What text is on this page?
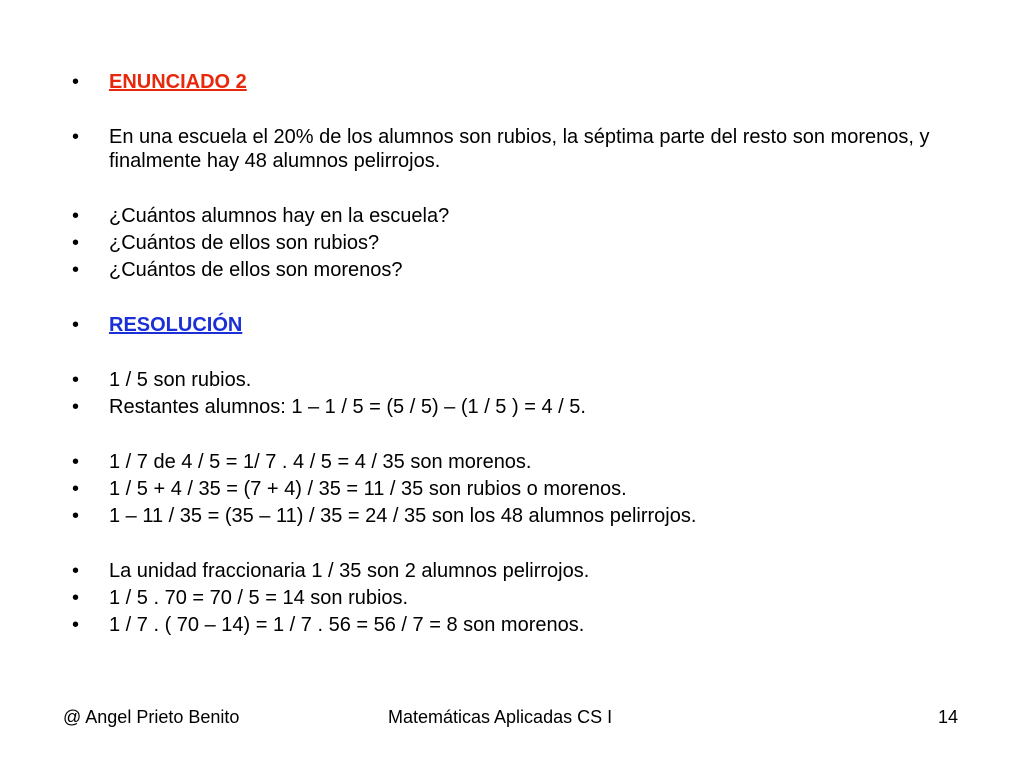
•	ENUNCIADO 2
•	En una escuela el 20% de los alumnos son rubios, la séptima parte del resto son morenos, y finalmente hay 48 alumnos pelirrojos.
•	¿Cuántos alumnos hay en la escuela?
•	¿Cuántos de ellos son rubios?
•	¿Cuántos de ellos son morenos?
•	RESOLUCIÓN
•	1 / 5 son rubios.
•	Restantes alumnos: 1 – 1 / 5 = (5 / 5) – (1 / 5 ) = 4 / 5.
•	1 / 7 de 4 / 5 = 1/ 7 . 4 / 5 = 4 / 35 son morenos.
•	1 / 5 + 4 / 35 = (7 + 4) / 35 = 11 / 35 son rubios o morenos.
•	1 – 11 / 35 = (35 – 11) / 35 = 24 / 35 son los 48 alumnos pelirrojos.
•	La unidad fraccionaria 1 / 35 son 2 alumnos pelirrojos.
•	1 / 5 . 70 = 70 / 5 = 14 son rubios.
•	1 / 7 . ( 70 – 14) = 1 / 7 . 56 = 56 / 7 = 8 son morenos.
@ Angel Prieto Benito	Matemáticas Aplicadas CS I	14
